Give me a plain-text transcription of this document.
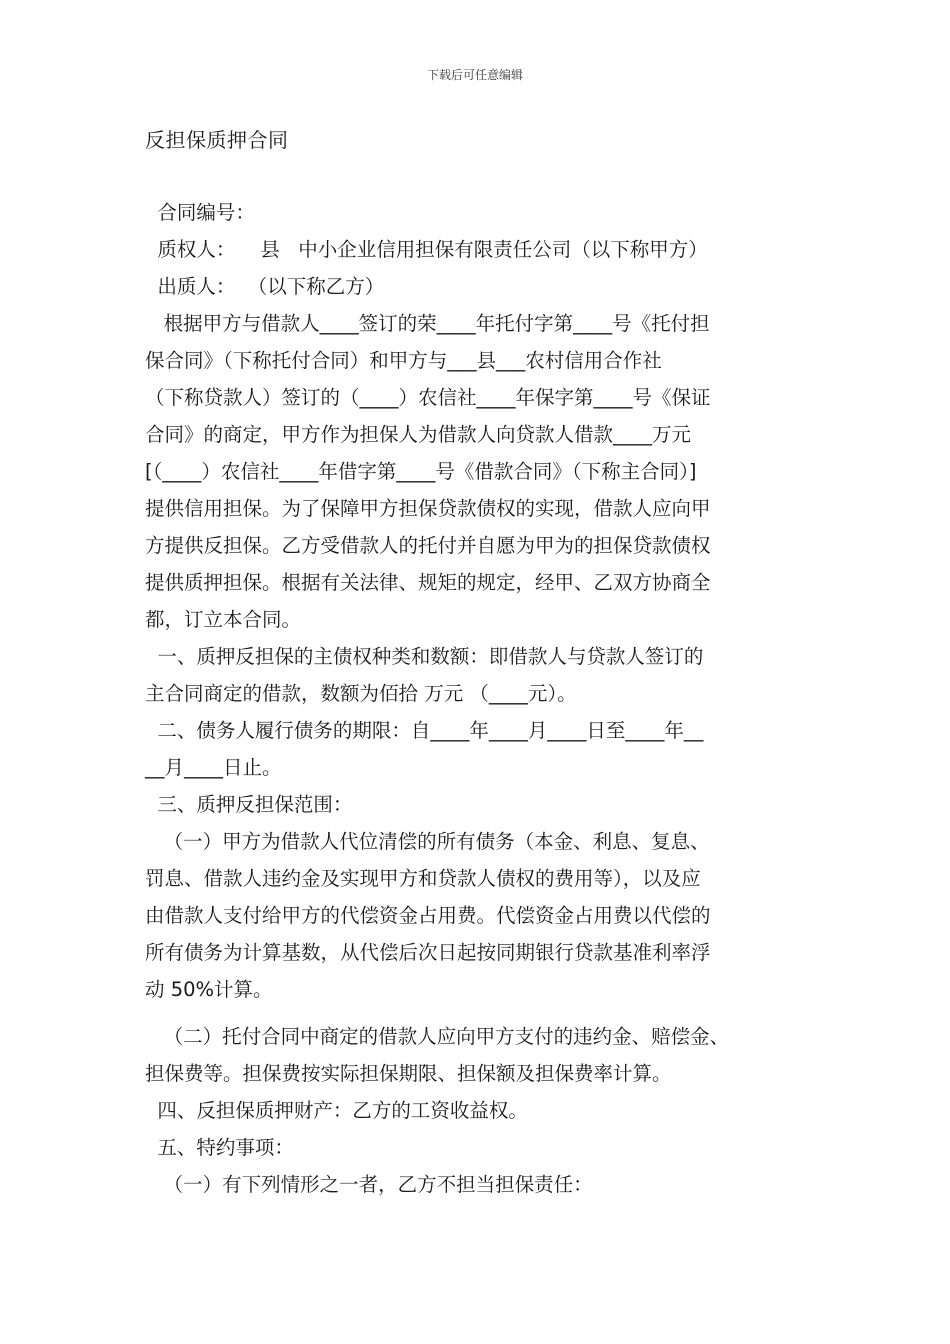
下载后可任意编辑
反担保质押合同
合同编号：
质权人：    县   中小企业信用担保有限责任公司（以下称甲方）
出质人：  （以下称乙方）
根据甲方与借款人____签订的荣____年托付字第____号《托付担
保合同》（下称托付合同）和甲方与___县___农村信用合作社
（下称贷款人）签订的（____）农信社____年保字第____号《保证
合同》的商定，甲方作为担保人为借款人向贷款人借款____万元
[（____）农信社____年借字第____号《借款合同》（下称主合同）]
提供信用担保。为了保障甲方担保贷款债权的实现，借款人应向甲
方提供反担保。乙方受借款人的托付并自愿为甲为的担保贷款债权
提供质押担保。根据有关法律、规矩的规定，经甲、乙双方协商全
都，订立本合同。
一、质押反担保的主债权种类和数额：即借款人与贷款人签订的
主合同商定的借款，数额为佰拾 万元 （____元）。
二、债务人履行债务的期限：自____年____月____日至____年__
__月____日止。
三、质押反担保范围：
（一）甲方为借款人代位清偿的所有债务（本金、利息、复息、
罚息、借款人违约金及实现甲方和贷款人债权的费用等），以及应
由借款人支付给甲方的代偿资金占用费。代偿资金占用费以代偿的
所有债务为计算基数，从代偿后次日起按同期银行贷款基准利率浮
动 50%计算。
（二）托付合同中商定的借款人应向甲方支付的违约金、赔偿金、
担保费等。担保费按实际担保期限、担保额及担保费率计算。
四、反担保质押财产：乙方的工资收益权。
五、特约事项：
（一）有下列情形之一者，乙方不担当担保责任：
